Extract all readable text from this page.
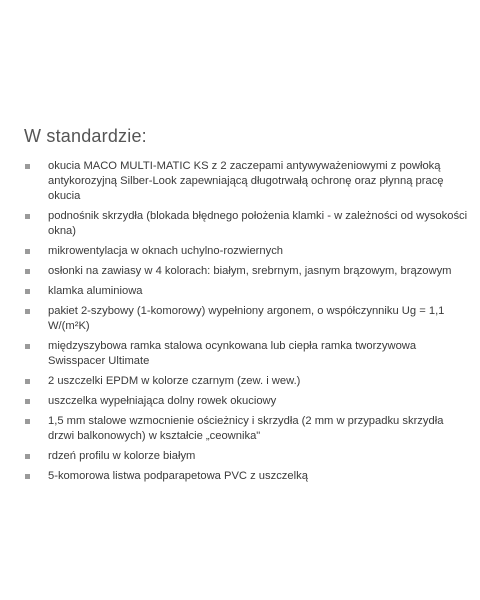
W standardzie:
okucia MACO MULTI-MATIC KS z 2 zaczepami antywyważeniowymi z powłoką antykorozyjną Silber-Look zapewniającą długotrwałą ochronę oraz płynną pracę okucia
podnośnik skrzydła (blokada błędnego położenia klamki - w zależności od wysokości okna)
mikrowentylacja w oknach uchylno-rozwiernych
osłonki na zawiasy w 4 kolorach: białym, srebrnym, jasnym brązowym, brązowym
klamka aluminiowa
pakiet 2-szybowy (1-komorowy) wypełniony argonem, o współczynniku Ug = 1,1 W/(m²K)
międzyszybowa ramka stalowa ocynkowana lub ciepła ramka tworzywowa Swisspacer Ultimate
2 uszczelki EPDM w kolorze czarnym (zew. i wew.)
uszczelka wypełniająca dolny rowek okuciowy
1,5 mm stalowe wzmocnienie ościeżnicy i skrzydła (2 mm w przypadku skrzydła drzwi balkonowych) w kształcie „ceownika"
rdzeń profilu w kolorze białym
5-komorowa listwa podparapetowa PVC z uszczelką
